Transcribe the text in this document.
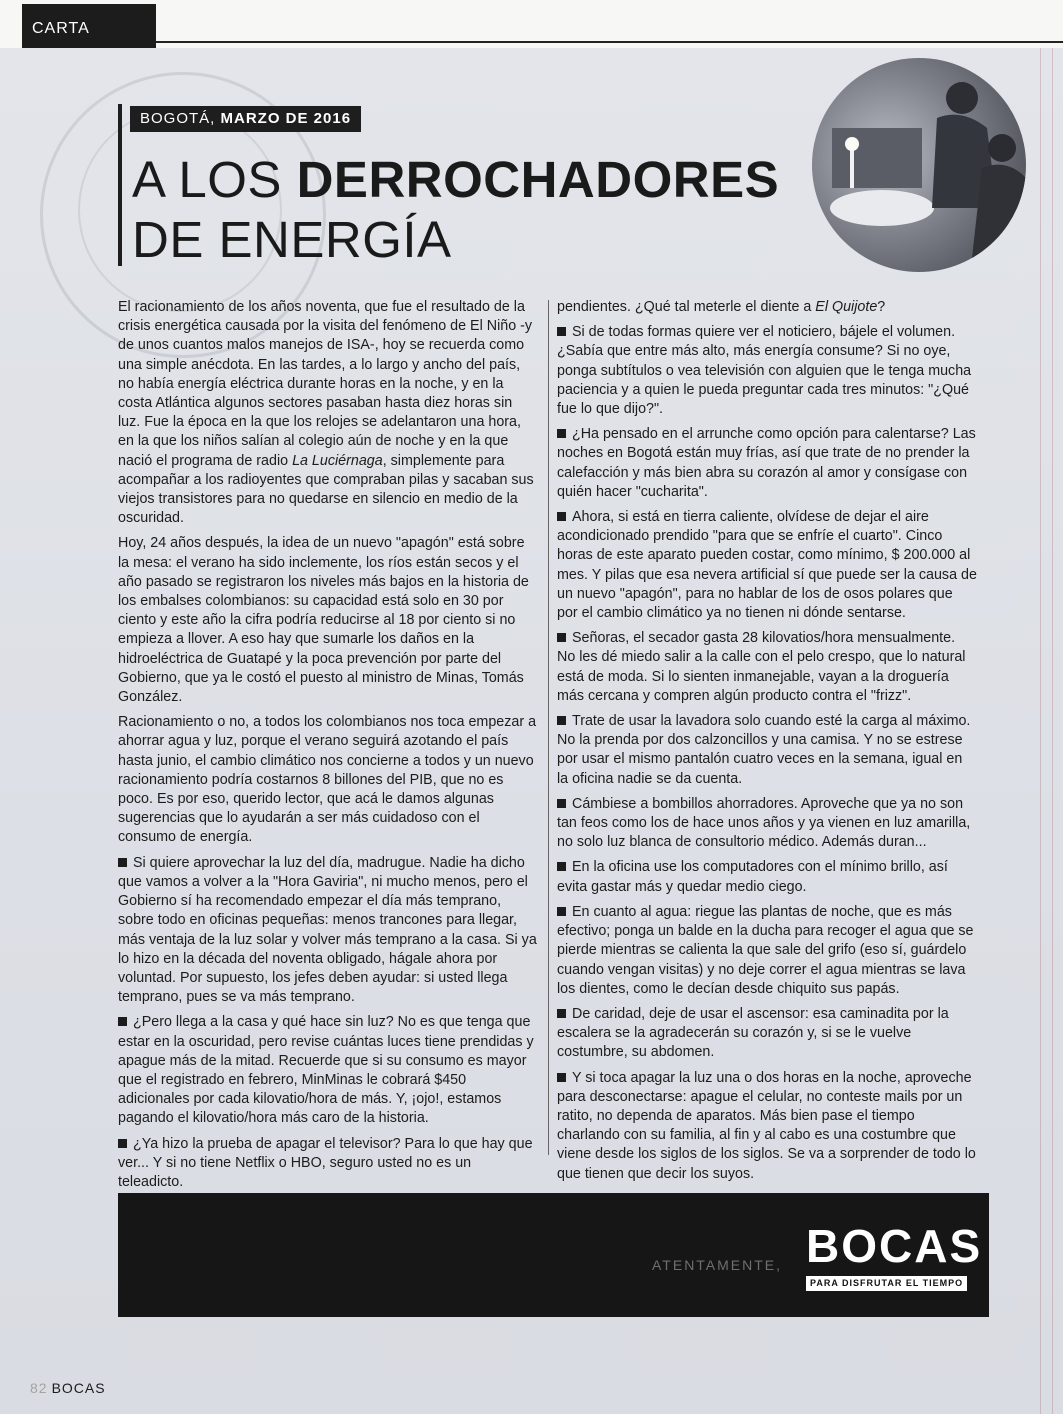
CARTA
BOGOTÁ, MARZO DE 2016
A LOS DERROCHADORES
DE ENERGÍA

El racionamiento de los años noventa, que fue el resultado de la crisis energética causada por la visita del fenómeno de El Niño -y de unos cuantos malos manejos de ISA-, hoy se recuerda como una simple anécdota. En las tardes, a lo largo y ancho del país, no había energía eléctrica durante horas en la noche, y en la costa Atlántica algunos sectores pasaban hasta diez horas sin luz. Fue la época en la que los relojes se adelantaron una hora, en la que los niños salían al colegio aún de noche y en la que nació el programa de radio La Luciérnaga, simplemente para acompañar a los radioyentes que compraban pilas y sacaban sus viejos transistores para no quedarse en silencio en medio de la oscuridad.

Hoy, 24 años después, la idea de un nuevo "apagón" está sobre la mesa: el verano ha sido inclemente, los ríos están secos y el año pasado se registraron los niveles más bajos en la historia de los embalses colombianos: su capacidad está solo en 30 por ciento y este año la cifra podría reducirse al 18 por ciento si no empieza a llover. A eso hay que sumarle los daños en la hidroeléctrica de Guatapé y la poca prevención por parte del Gobierno, que ya le costó el puesto al ministro de Minas, Tomás González.

Racionamiento o no, a todos los colombianos nos toca empezar a ahorrar agua y luz, porque el verano seguirá azotando el país hasta junio, el cambio climático nos concierne a todos y un nuevo racionamiento podría costarnos 8 billones del PIB, que no es poco. Es por eso, querido lector, que acá le damos algunas sugerencias que lo ayudarán a ser más cuidadoso con el consumo de energía.

Si quiere aprovechar la luz del día, madrugue. Nadie ha dicho que vamos a volver a la "Hora Gaviria", ni mucho menos, pero el Gobierno sí ha recomendado empezar el día más temprano, sobre todo en oficinas pequeñas: menos trancones para llegar, más ventaja de la luz solar y volver más temprano a la casa. Si ya lo hizo en la década del noventa obligado, hágale ahora por voluntad. Por supuesto, los jefes deben ayudar: si usted llega temprano, pues se va más temprano.

¿Pero llega a la casa y qué hace sin luz? No es que tenga que estar en la oscuridad, pero revise cuántas luces tiene prendidas y apague más de la mitad. Recuerde que si su consumo es mayor que el registrado en febrero, MinMinas le cobrará $450 adicionales por cada kilovatio/hora de más. Y, ¡ojo!, estamos pagando el kilovatio/hora más caro de la historia.

¿Ya hizo la prueba de apagar el televisor? Para lo que hay que ver... Y si no tiene Netflix o HBO, seguro usted no es un teleadicto.

pendientes. ¿Qué tal meterle el diente a El Quijote?

Si de todas formas quiere ver el noticiero, bájele el volumen. ¿Sabía que entre más alto, más energía consume? Si no oye, ponga subtítulos o vea televisión con alguien que le tenga mucha paciencia y a quien le pueda preguntar cada tres minutos: "¿Qué fue lo que dijo?".

¿Ha pensado en el arrunche como opción para calentarse? Las noches en Bogotá están muy frías, así que trate de no prender la calefacción y más bien abra su corazón al amor y consígase con quién hacer "cucharita".

Ahora, si está en tierra caliente, olvídese de dejar el aire acondicionado prendido "para que se enfríe el cuarto". Cinco horas de este aparato pueden costar, como mínimo, $ 200.000 al mes. Y pilas que esa nevera artificial sí que puede ser la causa de un nuevo "apagón", para no hablar de los de osos polares que por el cambio climático ya no tienen ni dónde sentarse.

Señoras, el secador gasta 28 kilovatios/hora mensualmente. No les dé miedo salir a la calle con el pelo crespo, que lo natural está de moda. Si lo sienten inmanejable, vayan a la droguería más cercana y compren algún producto contra el "frizz".

Trate de usar la lavadora solo cuando esté la carga al máximo. No la prenda por dos calzoncillos y una camisa. Y no se estrese por usar el mismo pantalón cuatro veces en la semana, igual en la oficina nadie se da cuenta.

Cámbiese a bombillos ahorradores. Aproveche que ya no son tan feos como los de hace unos años y ya vienen en luz amarilla, no solo luz blanca de consultorio médico. Además duran...

En la oficina use los computadores con el mínimo brillo, así evita gastar más y quedar medio ciego.

En cuanto al agua: riegue las plantas de noche, que es más efectivo; ponga un balde en la ducha para recoger el agua que se pierde mientras se calienta la que sale del grifo (eso sí, guárdelo cuando vengan visitas) y no deje correr el agua mientras se lava los dientes, como le decían desde chiquito sus papás.

De caridad, deje de usar el ascensor: esa caminadita por la escalera se la agradecerán su corazón y, si se le vuelve costumbre, su abdomen.

Y si toca apagar la luz una o dos horas en la noche, aproveche para desconectarse: apague el celular, no conteste mails por un ratito, no dependa de aparatos. Más bien pase el tiempo charlando con su familia, al fin y al cabo es una costumbre que viene desde los siglos de los siglos. Se va a sorprender de todo lo que tienen que decir los suyos.

ATENTAMENTE, BOCAS
PARA DISFRUTAR EL TIEMPO
82 BOCAS
